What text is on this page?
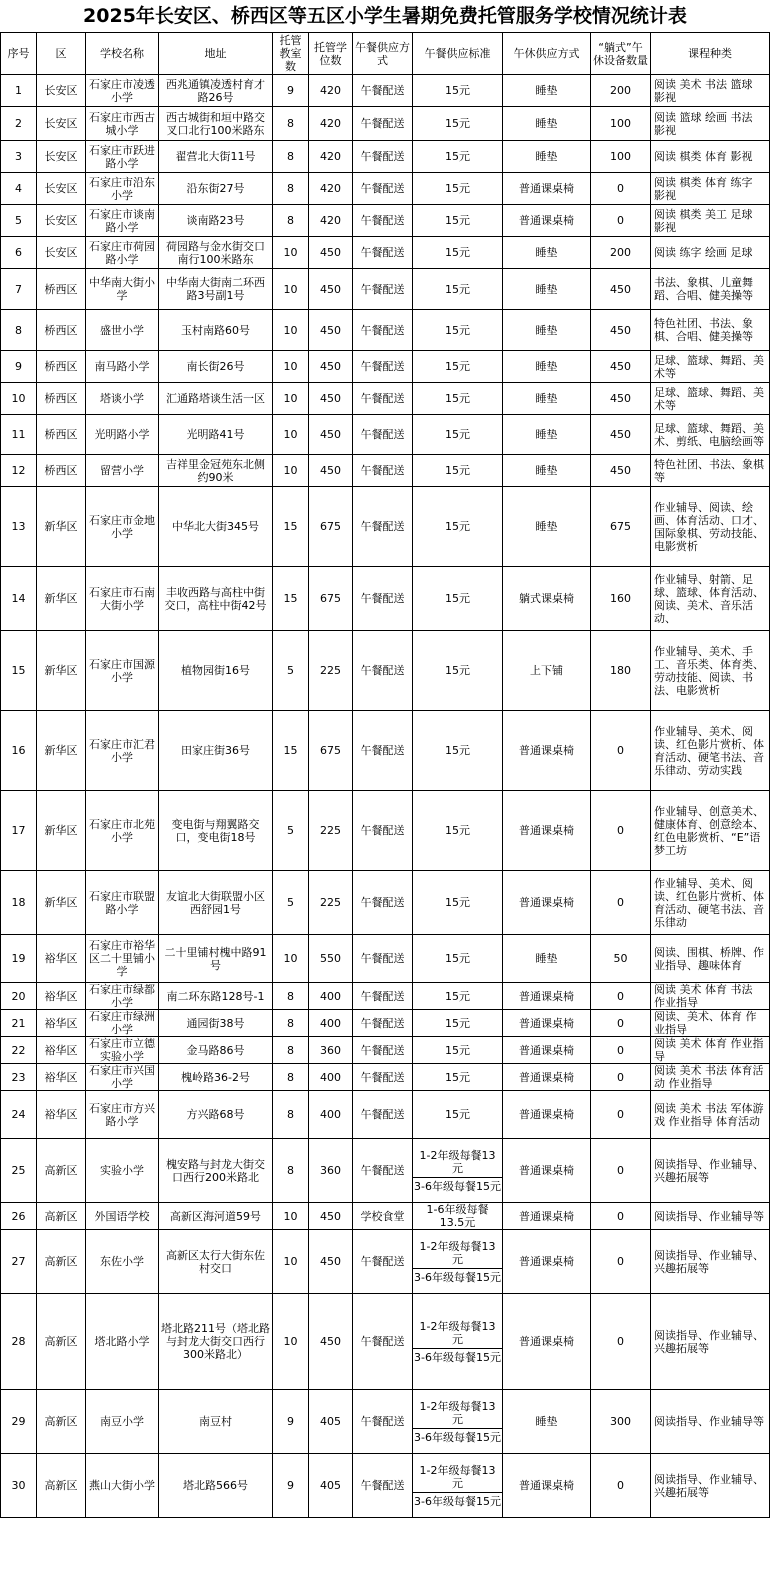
2025年长安区、桥西区等五区小学生暑期免费托管服务学校情况统计表
序号	区	学校名称	地址	托管教室数	托管学位数	午餐供应方式	午餐供应标准	午休供应方式	“躺式”午休设备数量	课程种类
1	长安区	石家庄市凌透小学	西兆通镇凌透村育才路26号	9	420	午餐配送	15元	睡垫	200	阅读 美术 书法 篮球 影视
2	长安区	石家庄市西古城小学	西古城街和垣中路交叉口北行100米路东	8	420	午餐配送	15元	睡垫	100	阅读 篮球 绘画 书法 影视
3	长安区	石家庄市跃进路小学	翟营北大街11号	8	420	午餐配送	15元	睡垫	100	阅读 棋类 体育 影视
4	长安区	石家庄市沿东小学	沿东街27号	8	420	午餐配送	15元	普通课桌椅	0	阅读 棋类 体育 练字 影视
5	长安区	石家庄市谈南路小学	谈南路23号	8	420	午餐配送	15元	普通课桌椅	0	阅读 棋类 美工 足球 影视
6	长安区	石家庄市荷园路小学	荷园路与金水街交口南行100米路东	10	450	午餐配送	15元	睡垫	200	阅读 练字 绘画 足球
7	桥西区	中华南大街小学	中华南大街南二环西路3号副1号	10	450	午餐配送	15元	睡垫	450	书法、象棋、儿童舞蹈、合唱、健美操等
8	桥西区	盛世小学	玉村南路60号	10	450	午餐配送	15元	睡垫	450	特色社团、书法、象棋、合唱、健美操等
9	桥西区	南马路小学	南长街26号	10	450	午餐配送	15元	睡垫	450	足球、篮球、舞蹈、美术等
10	桥西区	塔谈小学	汇通路塔谈生活一区	10	450	午餐配送	15元	睡垫	450	足球、篮球、舞蹈、美术等
11	桥西区	光明路小学	光明路41号	10	450	午餐配送	15元	睡垫	450	足球、篮球、舞蹈、美术、剪纸、电脑绘画等
12	桥西区	留营小学	吉祥里金冠苑东北侧约90米	10	450	午餐配送	15元	睡垫	450	特色社团、书法、象棋等
13	新华区	石家庄市金地小学	中华北大街345号	15	675	午餐配送	15元	睡垫	675	作业辅导、阅读、绘画、体育活动、口才、国际象棋、劳动技能、电影赏析
14	新华区	石家庄市石南大街小学	丰收西路与高柱中街交口，高柱中街42号	15	675	午餐配送	15元	躺式课桌椅	160	作业辅导、射箭、足球、篮球、体育活动、阅读、美术、音乐活动、
15	新华区	石家庄市国源小学	植物园街16号	5	225	午餐配送	15元	上下铺	180	作业辅导、美术、手工、音乐类、体育类、劳动技能、阅读、书法、电影赏析
16	新华区	石家庄市汇君小学	田家庄街36号	15	675	午餐配送	15元	普通课桌椅	0	作业辅导、美术、阅读、红色影片赏析、体育活动、硬笔书法、音乐律动、劳动实践
17	新华区	石家庄市北苑小学	变电街与翔翼路交口，变电街18号	5	225	午餐配送	15元	普通课桌椅	0	作业辅导、创意美术、健康体育、创意绘本、红色电影赏析、“E”语梦工坊
18	新华区	石家庄市联盟路小学	友谊北大街联盟小区西舒园1号	5	225	午餐配送	15元	普通课桌椅	0	作业辅导、美术、阅读、红色影片赏析、体育活动、硬笔书法、音乐律动
19	裕华区	石家庄市裕华区二十里铺小学	二十里铺村槐中路91号	10	550	午餐配送	15元	睡垫	50	阅读、围棋、桥牌、作业指导、趣味体育
20	裕华区	石家庄市绿都小学	南二环东路128号-1	8	400	午餐配送	15元	普通课桌椅	0	阅读 美术 体育 书法 作业指导
21	裕华区	石家庄市绿洲小学	通园街38号	8	400	午餐配送	15元	普通课桌椅	0	阅读、美术、体育 作业指导
22	裕华区	石家庄市立德实验小学	金马路86号	8	360	午餐配送	15元	普通课桌椅	0	阅读 美术 体育 作业指导
23	裕华区	石家庄市兴国小学	槐岭路36-2号	8	400	午餐配送	15元	普通课桌椅	0	阅读 美术 书法 体育活动 作业指导
24	裕华区	石家庄市方兴路小学	方兴路68号	8	400	午餐配送	15元	普通课桌椅	0	阅读 美术 书法 军体游戏 作业指导 体育活动
25	高新区	实验小学	槐安路与封龙大街交口西行200米路北	8	360	午餐配送	1-2年级每餐13元
3-6年级每餐15元	普通课桌椅	0	阅读指导、作业辅导、兴趣拓展等
26	高新区	外国语学校	高新区海河道59号	10	450	学校食堂	1-6年级每餐13.5元	普通课桌椅	0	阅读指导、作业辅导等
27	高新区	东佐小学	高新区太行大街东佐村交口	10	450	午餐配送	1-2年级每餐13元
3-6年级每餐15元	普通课桌椅	0	阅读指导、作业辅导、兴趣拓展等
28	高新区	塔北路小学	塔北路211号（塔北路与封龙大街交口西行300米路北）	10	450	午餐配送	1-2年级每餐13元
3-6年级每餐15元	普通课桌椅	0	阅读指导、作业辅导、兴趣拓展等
29	高新区	南豆小学	南豆村	9	405	午餐配送	1-2年级每餐13元
3-6年级每餐15元	睡垫	300	阅读指导、作业辅导等
30	高新区	燕山大街小学	塔北路566号	9	405	午餐配送	1-2年级每餐13元
3-6年级每餐15元	普通课桌椅	0	阅读指导、作业辅导、兴趣拓展等
